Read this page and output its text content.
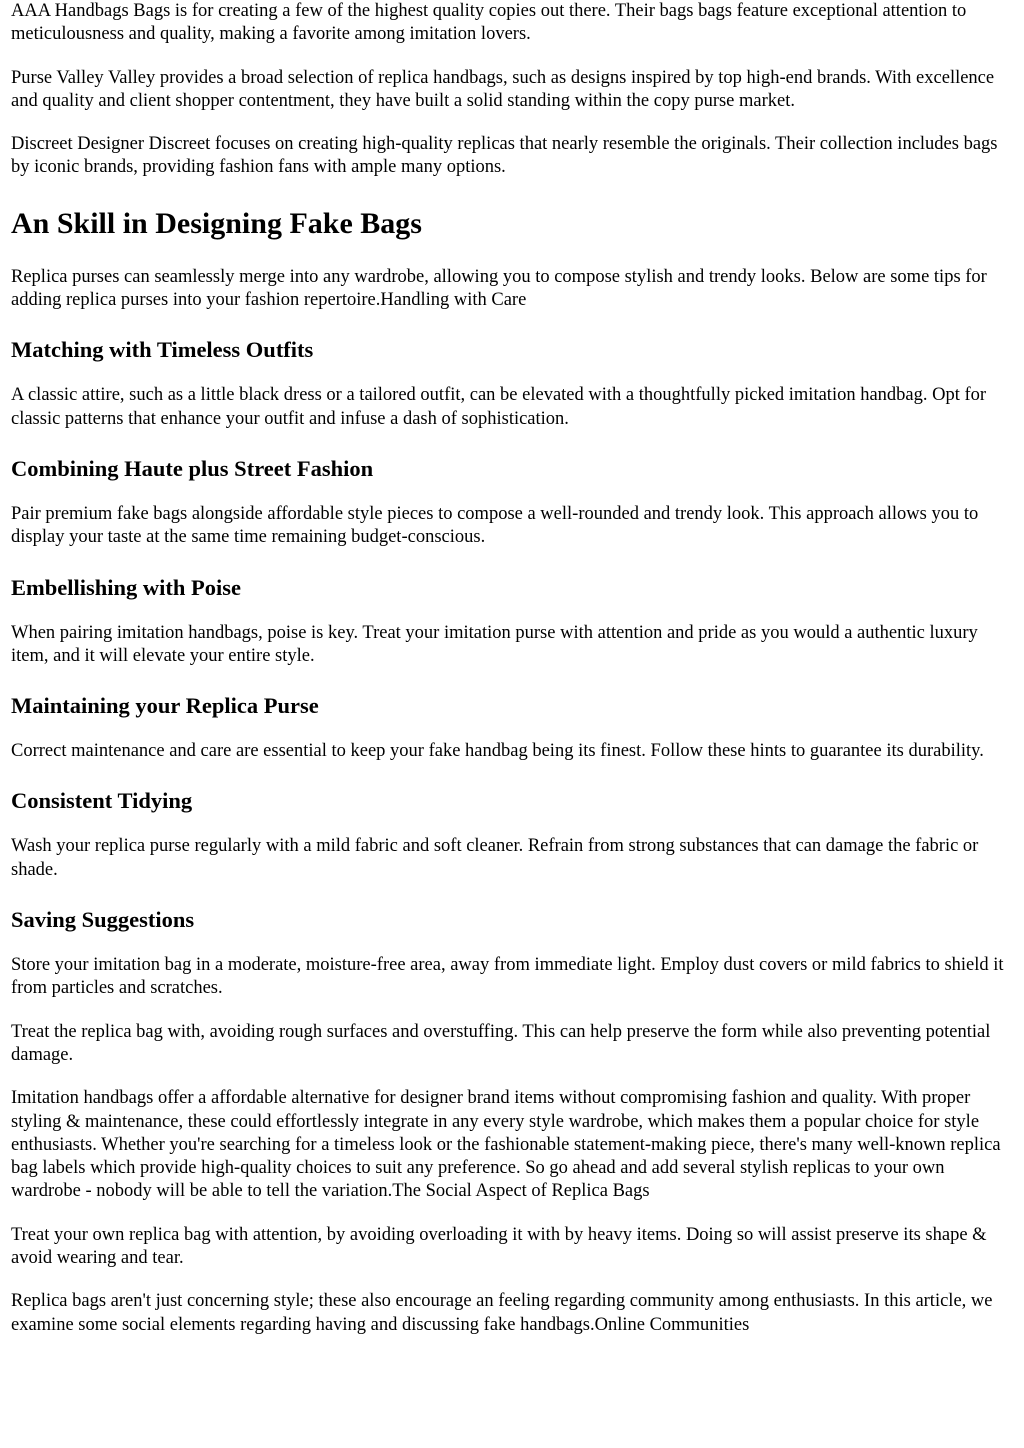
AAA Handbags Bags is for creating a few of the highest quality copies out there. Their bags bags feature exceptional attention to meticulousness and quality, making a favorite among imitation lovers.

Purse Valley Valley provides a broad selection of replica handbags, such as designs inspired by top high-end brands. With excellence and quality and client shopper contentment, they have built a solid standing within the copy purse market.

Discreet Designer Discreet focuses on creating high-quality replicas that nearly resemble the originals. Their collection includes bags by iconic brands, providing fashion fans with ample many options.

An Skill in Designing Fake Bags

Replica purses can seamlessly merge into any wardrobe, allowing you to compose stylish and trendy looks. Below are some tips for adding replica purses into your fashion repertoire.Handling with Care

Matching with Timeless Outfits

A classic attire, such as a little black dress or a tailored outfit, can be elevated with a thoughtfully picked imitation handbag. Opt for classic patterns that enhance your outfit and infuse a dash of sophistication.

Combining Haute plus Street Fashion

Pair premium fake bags alongside affordable style pieces to compose a well-rounded and trendy look. This approach allows you to display your taste at the same time remaining budget-conscious.

Embellishing with Poise

When pairing imitation handbags, poise is key. Treat your imitation purse with attention and pride as you would a authentic luxury item, and it will elevate your entire style.

Maintaining your Replica Purse

Correct maintenance and care are essential to keep your fake handbag being its finest. Follow these hints to guarantee its durability.

Consistent Tidying

Wash your replica purse regularly with a mild fabric and soft cleaner. Refrain from strong substances that can damage the fabric or shade.

Saving Suggestions

Store your imitation bag in a moderate, moisture-free area, away from immediate light. Employ dust covers or mild fabrics to shield it from particles and scratches.

Treat the replica bag with, avoiding rough surfaces and overstuffing. This can help preserve the form while also preventing potential damage.

Imitation handbags offer a affordable alternative for designer brand items without compromising fashion and quality. With proper styling & maintenance, these could effortlessly integrate in any every style wardrobe, which makes them a popular choice for style enthusiasts. Whether you're searching for a timeless look or the fashionable statement-making piece, there's many well-known replica bag labels which provide high-quality choices to suit any preference. So go ahead and add several stylish replicas to your own wardrobe - nobody will be able to tell the variation.The Social Aspect of Replica Bags

Treat your own replica bag with attention, by avoiding overloading it with by heavy items. Doing so will assist preserve its shape & avoid wearing and tear.

Replica bags aren't just concerning style; these also encourage an feeling regarding community among enthusiasts. In this article, we examine some social elements regarding having and discussing fake handbags.Online Communities
